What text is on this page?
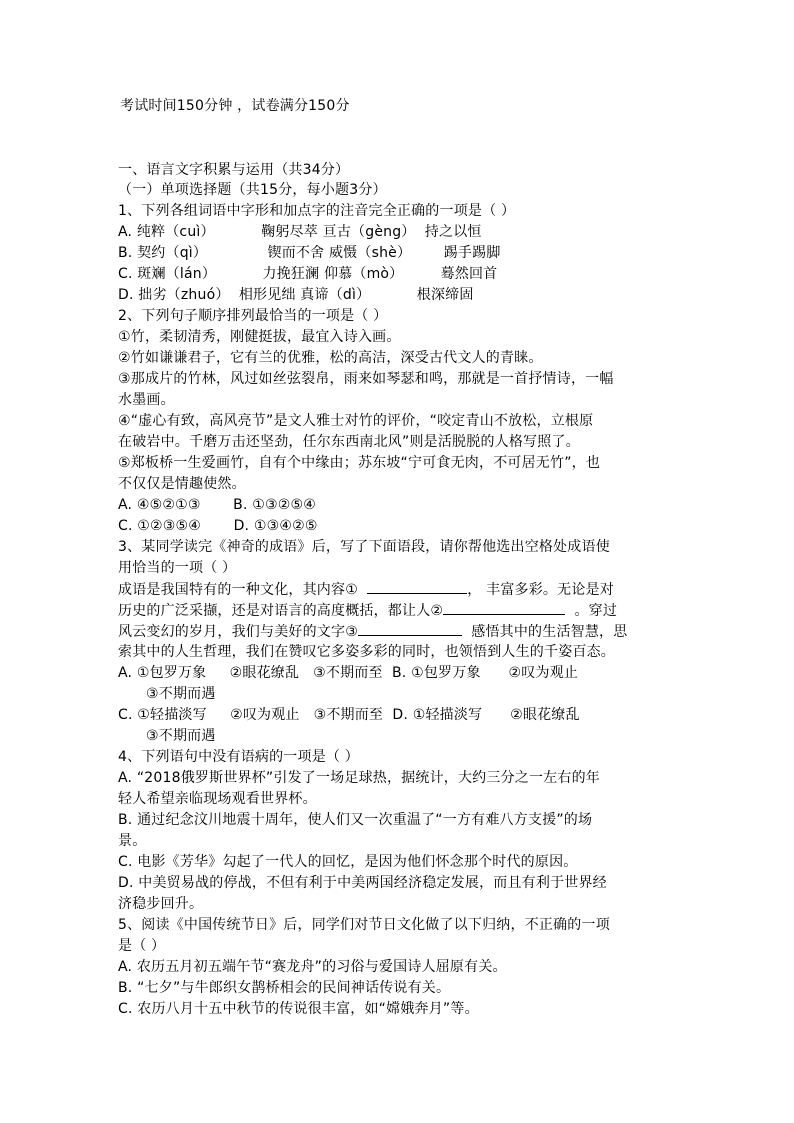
考试时间150分钟 ，试卷满分150分
一、语言文字积累与运用（共34分）
（一）单项选择题（共15分，每小题3分）
1、下列各组词语中字形和加点字的注音完全正确的一项是（ ）
A. 纯粹（cuì）          鞠躬尽萃 亘古（gèng）  持之以恒
B. 契约（qì）             锲而不舍 威慑（shè）       踢手踢脚
C. 斑斓（lán）          力挽狂澜 仰慕（mò）        蓦然回首
D. 拙劣（zhuó）  相形见绌 真谛（dì）          根深缔固
2、下列句子顺序排列最恰当的一项是（ ）
①竹，柔韧清秀，刚健挺拔，最宜入诗入画。
②竹如谦谦君子，它有兰的优雅，松的高洁，深受古代文人的青睐。
③那成片的竹林，风过如丝弦裂帛，雨来如琴瑟和鸣，那就是一首抒情诗，一幅
水墨画。
④“虚心有致，高风亮节”是文人雅士对竹的评价，“咬定青山不放松，立根原
在破岩中。千磨万击还坚劲，任尔东西南北风”则是活脱脱的人格写照了。
⑤郑板桥一生爱画竹，自有个中缘由；苏东坡“宁可食无肉，不可居无竹”，也
不仅仅是情趣使然。
A. ④⑤②①③       B. ①③②⑤④
C. ①②③⑤④       D. ①③④②⑤
3、某同学读完《神奇的成语》后，写了下面语段，请你帮他选出空格处成语使
用恰当的一项（ ）
成语是我国特有的一种文化，其内容①	， 丰富多彩。无论是对
历史的广泛采撷，还是对语言的高度概括，都让人②	。穿过
风云变幻的岁月，我们与美好的文字③	感悟其中的生活智慧，思
索其中的人生哲理，我们在赞叹它多姿多彩的同时，也领悟到人生的千姿百态。
A. ①包罗万象     ②眼花缭乱   ③不期而至  B. ①包罗万象      ②叹为观止
③不期而遇
C. ①轻描淡写     ②叹为观止   ③不期而至  D. ①轻描淡写      ②眼花缭乱
③不期而遇
4、下列语句中没有语病的一项是（ ）
A. “2018俄罗斯世界杯”引发了一场足球热，据统计，大约三分之一左右的年
轻人希望亲临现场观看世界杯。
B. 通过纪念汶川地震十周年，使人们又一次重温了“一方有难八方支援”的场
景。
C. 电影《芳华》勾起了一代人的回忆，是因为他们怀念那个时代的原因。
D. 中美贸易战的停战，不但有利于中美两国经济稳定发展，而且有利于世界经
济稳步回升。
5、阅读《中国传统节日》后，同学们对节日文化做了以下归纳，不正确的一项
是（ ）
A. 农历五月初五端午节“赛龙舟”的习俗与爱国诗人屈原有关。
B. “七夕”与牛郎织女鹊桥相会的民间神话传说有关。
C. 农历八月十五中秋节的传说很丰富，如“嫦娥奔月”等。
